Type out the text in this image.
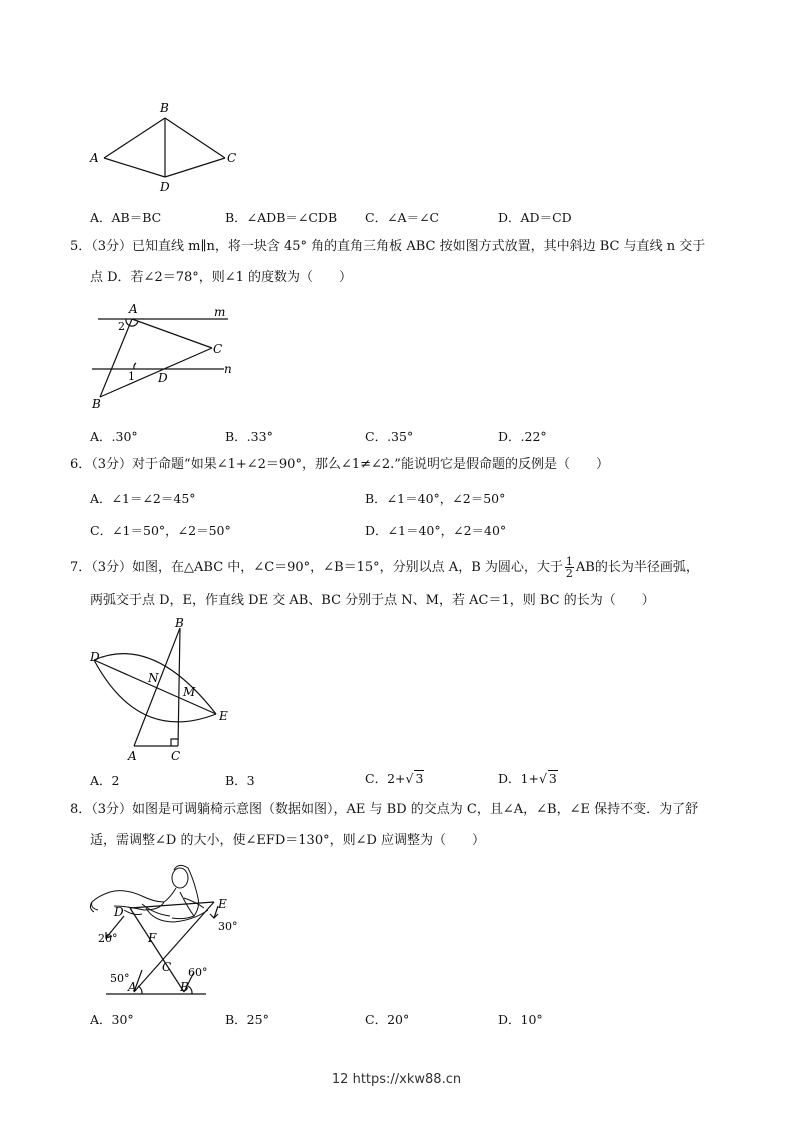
B
A	C
D
A．AB＝BC	B．∠ADB＝∠CDB C．∠A＝∠C	D．AD＝CD
5．（3分）已知直线 m∥n，将一块含 45° 角的直角三角板 ABC 按如图方式放置，其中斜边 BC 与直线 n 交于
点 D．若∠2＝78°，则∠1 的度数为（　　）
A	m
C
n
D
B
2
1
A．.30°	B．.33°	C．.35°	D．.22°
6．（3分）对于命题“如果∠1+∠2＝90°，那么∠1≠∠2.”能说明它是假命题的反例是（　　）
A．∠1＝∠2＝45°	B．∠1＝40°，∠2＝50°
C．∠1＝50°，∠2＝50°	D．∠1＝40°，∠2＝40°
7．（3分）如图，在△ABC 中，∠C＝90°，∠B＝15°，分别以点 A，B 为圆心，大于 $\frac{1}{2}$ AB的长为半径画弧，
两弧交于点 D，E，作直线 DE 交 AB、BC 分别于点 N、M，若 AC＝1，则 BC 的长为（　　）
B
D
N
M
E
A	C
A．2	B．3	C．2+√ 3	D．1+√ 3
8．（3分）如图是可调躺椅示意图（数据如图），AE 与 BD 的交点为 C，且∠A，∠B，∠E 保持不变．为了舒
适，需调整∠D 的大小，使∠EFD＝130°，则∠D 应调整为（　　）
D
E
F
C
A	B
20°
30°
50°	60°
A．30°	B．25°	C．20°	D．10°
12 https://xkw88.cn
